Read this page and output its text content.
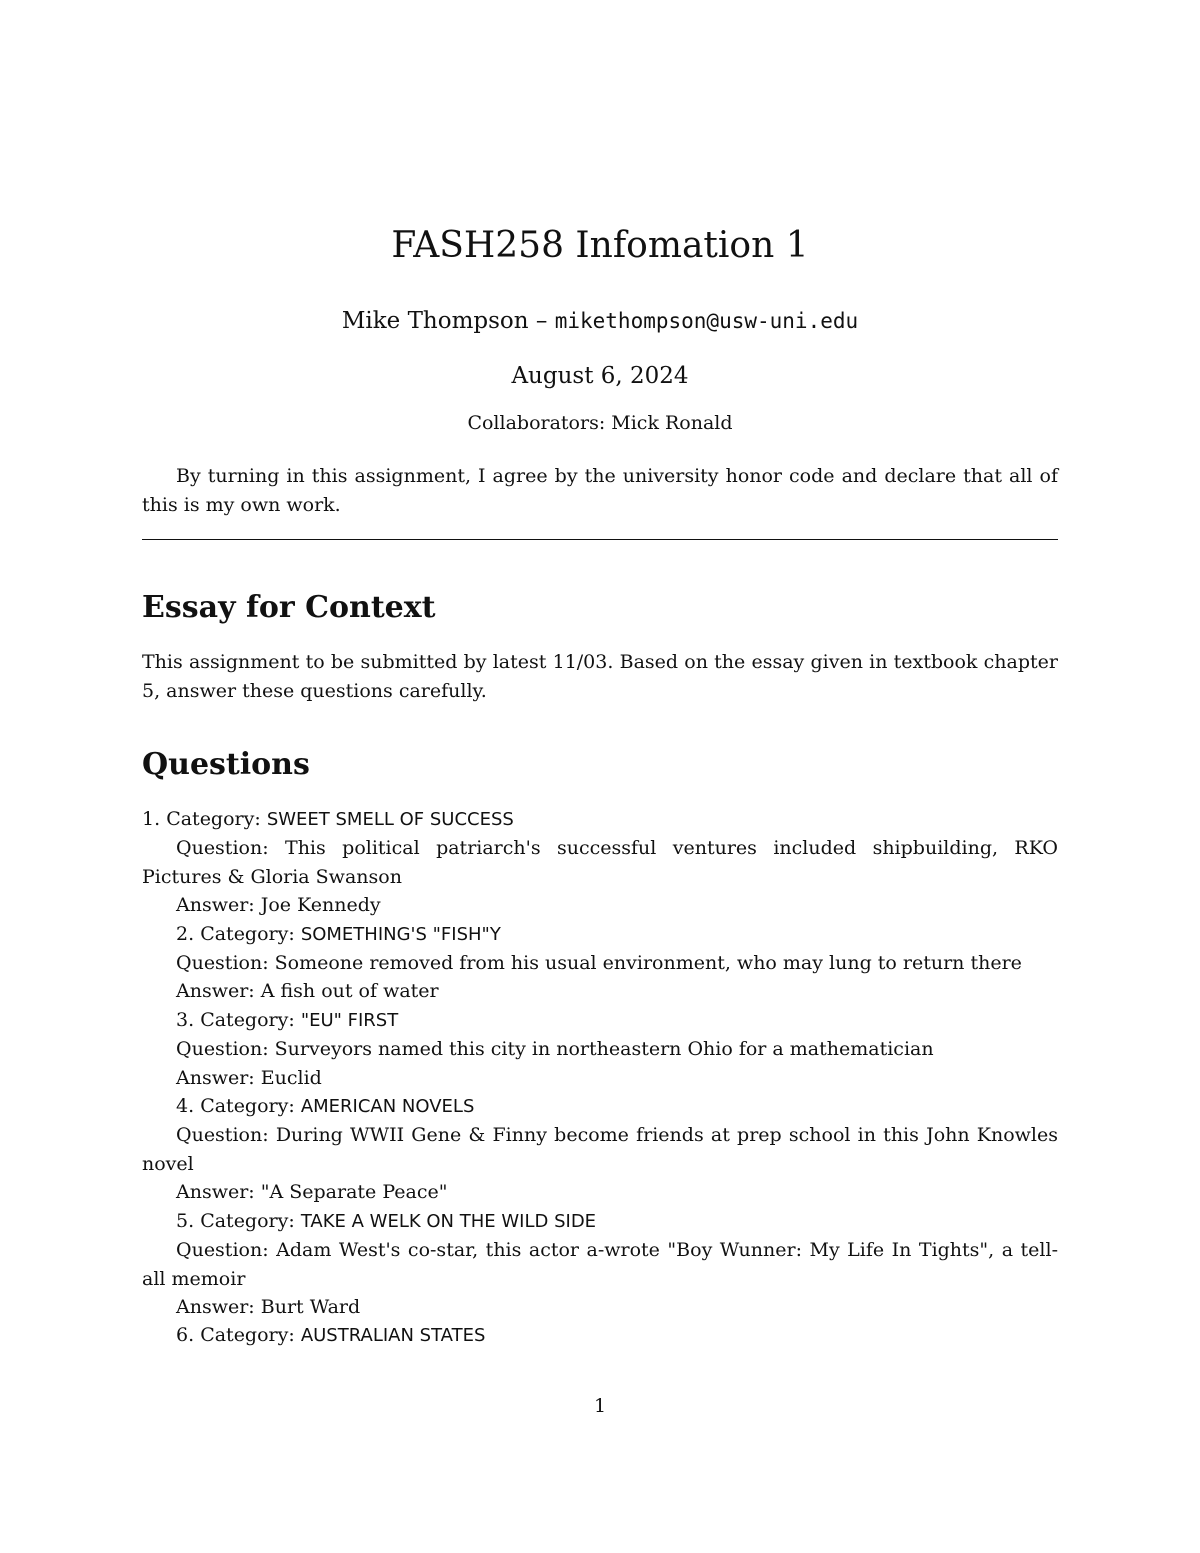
FASH258 Infomation 1
Mike Thompson – mikethompson@usw-uni.edu
August 6, 2024
Collaborators: Mick Ronald

By turning in this assignment, I agree by the university honor code and declare that all of this is my own work.

Essay for Context

This assignment to be submitted by latest 11/03. Based on the essay given in textbook chapter 5, answer these questions carefully.

Questions
1. Category: SWEET SMELL OF SUCCESS
Question: This political patriarch's successful ventures included shipbuilding, RKO Pictures & Gloria Swanson
Answer: Joe Kennedy
2. Category: SOMETHING'S "FISH"Y
Question: Someone removed from his usual environment, who may lung to return there
Answer: A fish out of water
3. Category: "EU" FIRST
Question: Surveyors named this city in northeastern Ohio for a mathematician
Answer: Euclid
4. Category: AMERICAN NOVELS
Question: During WWII Gene & Finny become friends at prep school in this John Knowles novel
Answer: "A Separate Peace"
5. Category: TAKE A WELK ON THE WILD SIDE
Question: Adam West's co-star, this actor a-wrote "Boy Wunner: My Life In Tights", a tell-all memoir
Answer: Burt Ward
6. Category: AUSTRALIAN STATES
1
